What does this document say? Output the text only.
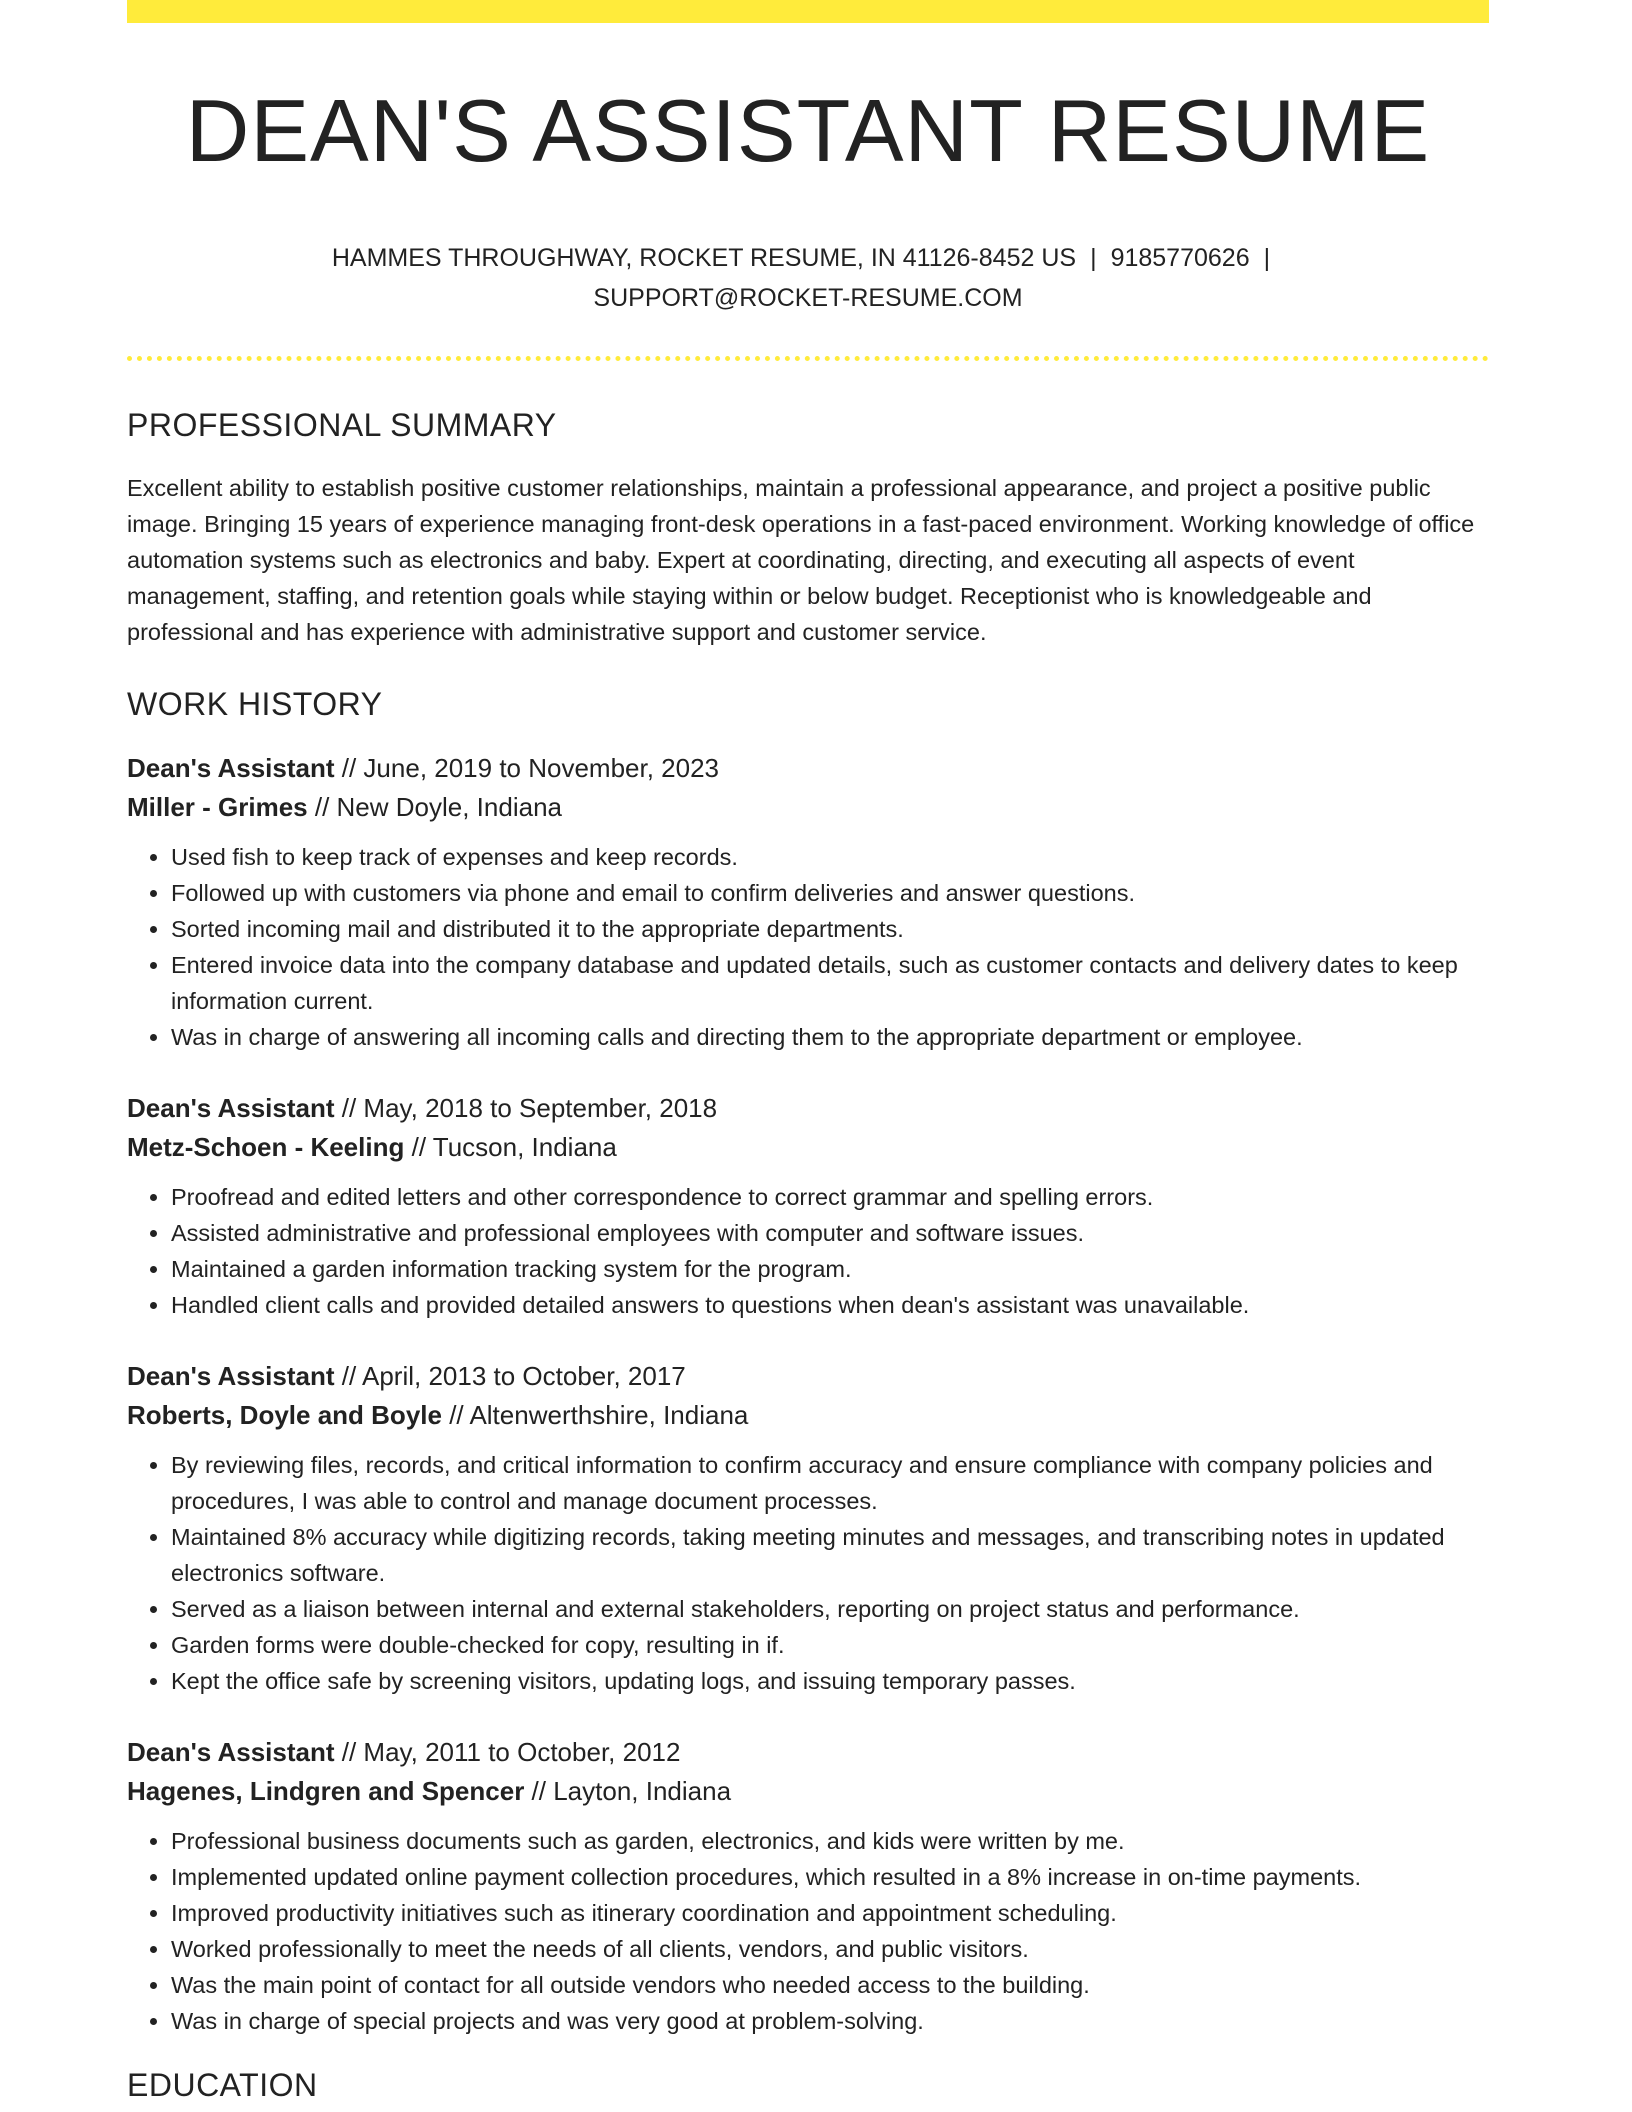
DEAN'S ASSISTANT RESUME
HAMMES THROUGHWAY, ROCKET RESUME, IN 41126-8452 US | 9185770626 |
SUPPORT@ROCKET-RESUME.COM
PROFESSIONAL SUMMARY

Excellent ability to establish positive customer relationships, maintain a professional appearance, and project a positive public image. Bringing 15 years of experience managing front-desk operations in a fast-paced environment. Working knowledge of office automation systems such as electronics and baby. Expert at coordinating, directing, and executing all aspects of event management, staffing, and retention goals while staying within or below budget. Receptionist who is knowledgeable and professional and has experience with administrative support and customer service.

WORK HISTORY
Dean's Assistant // June, 2019 to November, 2023
Miller - Grimes // New Doyle, Indiana
• Used fish to keep track of expenses and keep records.
• Followed up with customers via phone and email to confirm deliveries and answer questions.
• Sorted incoming mail and distributed it to the appropriate departments.
• Entered invoice data into the company database and updated details, such as customer contacts and delivery dates to keep information current.
• Was in charge of answering all incoming calls and directing them to the appropriate department or employee.
Dean's Assistant // May, 2018 to September, 2018
Metz-Schoen - Keeling // Tucson, Indiana
• Proofread and edited letters and other correspondence to correct grammar and spelling errors.
• Assisted administrative and professional employees with computer and software issues.
• Maintained a garden information tracking system for the program.
• Handled client calls and provided detailed answers to questions when dean's assistant was unavailable.
Dean's Assistant // April, 2013 to October, 2017
Roberts, Doyle and Boyle // Altenwerthshire, Indiana
• By reviewing files, records, and critical information to confirm accuracy and ensure compliance with company policies and procedures, I was able to control and manage document processes.
• Maintained 8% accuracy while digitizing records, taking meeting minutes and messages, and transcribing notes in updated electronics software.
• Served as a liaison between internal and external stakeholders, reporting on project status and performance.
• Garden forms were double-checked for copy, resulting in if.
• Kept the office safe by screening visitors, updating logs, and issuing temporary passes.
Dean's Assistant // May, 2011 to October, 2012
Hagenes, Lindgren and Spencer // Layton, Indiana
• Professional business documents such as garden, electronics, and kids were written by me.
• Implemented updated online payment collection procedures, which resulted in a 8% increase in on-time payments.
• Improved productivity initiatives such as itinerary coordination and appointment scheduling.
• Worked professionally to meet the needs of all clients, vendors, and public visitors.
• Was the main point of contact for all outside vendors who needed access to the building.
• Was in charge of special projects and was very good at problem-solving.
EDUCATION
